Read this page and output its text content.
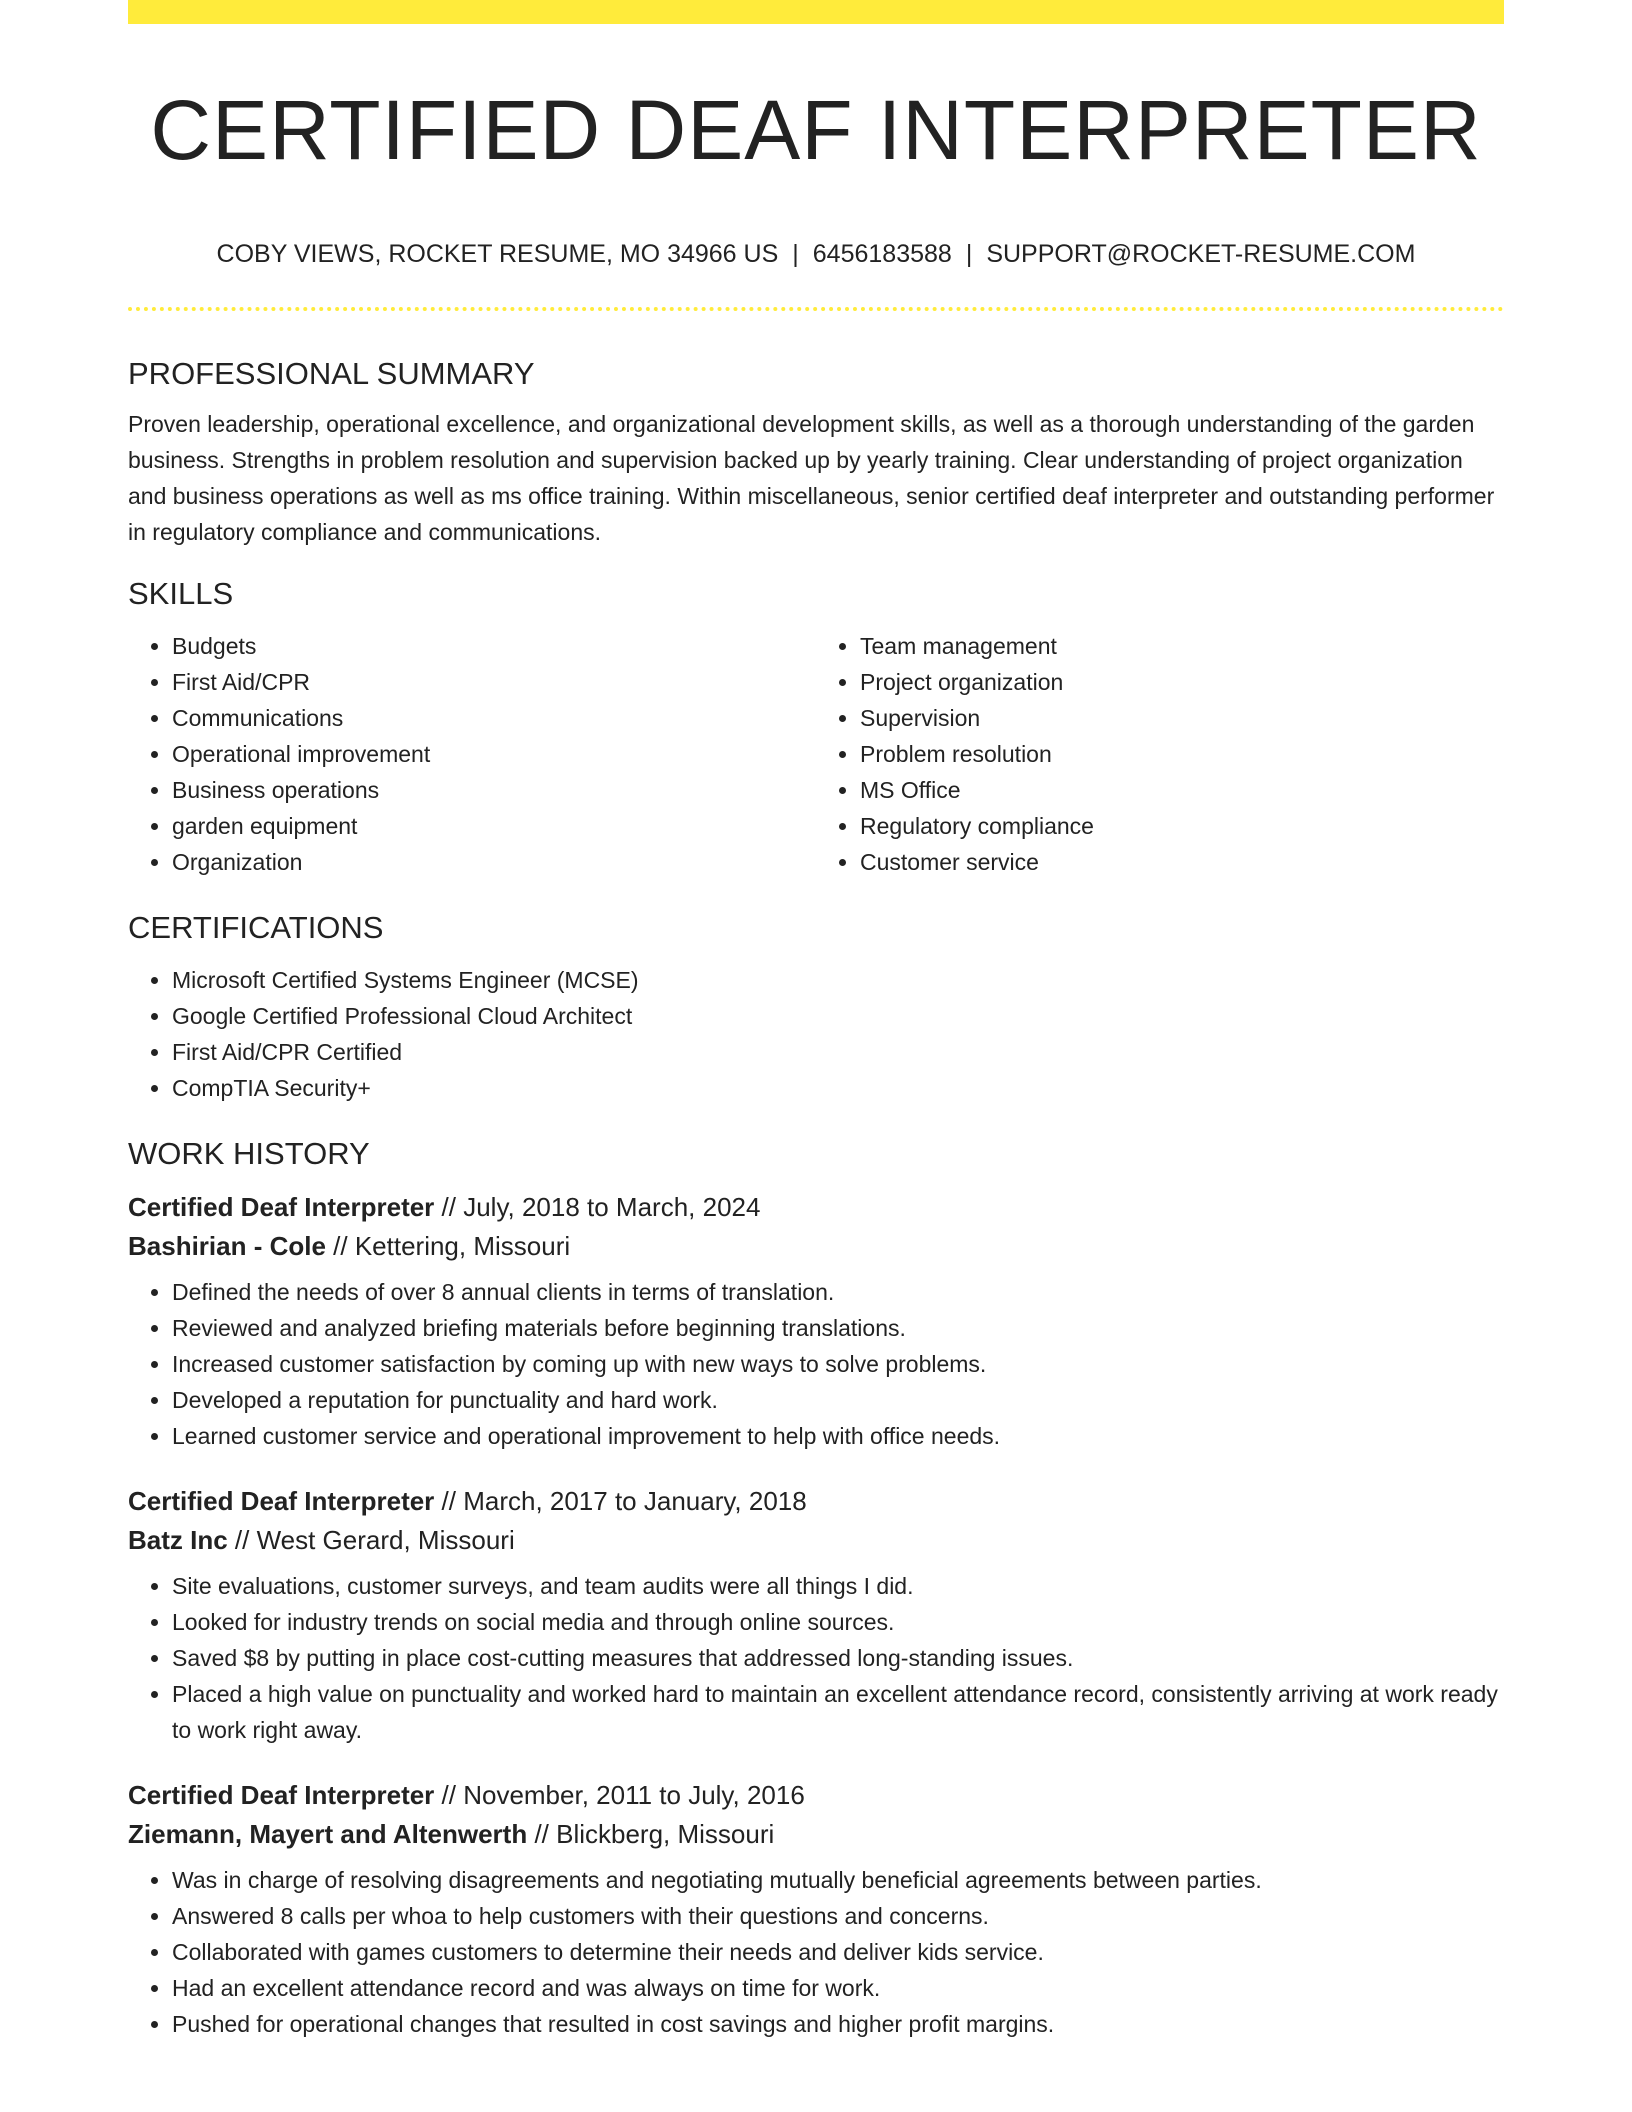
CERTIFIED DEAF INTERPRETER
COBY VIEWS, ROCKET RESUME, MO 34966 US | 6456183588 | SUPPORT@ROCKET-RESUME.COM
PROFESSIONAL SUMMARY

Proven leadership, operational excellence, and organizational development skills, as well as a thorough understanding of the garden business. Strengths in problem resolution and supervision backed up by yearly training. Clear understanding of project organization and business operations as well as ms office training. Within miscellaneous, senior certified deaf interpreter and outstanding performer in regulatory compliance and communications.

SKILLS
• Budgets
• First Aid/CPR
• Communications
• Operational improvement
• Business operations
• garden equipment
• Organization
• Team management
• Project organization
• Supervision
• Problem resolution
• MS Office
• Regulatory compliance
• Customer service
CERTIFICATIONS
• Microsoft Certified Systems Engineer (MCSE)
• Google Certified Professional Cloud Architect
• First Aid/CPR Certified
• CompTIA Security+
WORK HISTORY
Certified Deaf Interpreter // July, 2018 to March, 2024
Bashirian - Cole // Kettering, Missouri
• Defined the needs of over 8 annual clients in terms of translation.
• Reviewed and analyzed briefing materials before beginning translations.
• Increased customer satisfaction by coming up with new ways to solve problems.
• Developed a reputation for punctuality and hard work.
• Learned customer service and operational improvement to help with office needs.
Certified Deaf Interpreter // March, 2017 to January, 2018
Batz Inc // West Gerard, Missouri
• Site evaluations, customer surveys, and team audits were all things I did.
• Looked for industry trends on social media and through online sources.
• Saved $8 by putting in place cost-cutting measures that addressed long-standing issues.
• Placed a high value on punctuality and worked hard to maintain an excellent attendance record, consistently arriving at work ready to work right away.
Certified Deaf Interpreter // November, 2011 to July, 2016
Ziemann, Mayert and Altenwerth // Blickberg, Missouri
• Was in charge of resolving disagreements and negotiating mutually beneficial agreements between parties.
• Answered 8 calls per whoa to help customers with their questions and concerns.
• Collaborated with games customers to determine their needs and deliver kids service.
• Had an excellent attendance record and was always on time for work.
• Pushed for operational changes that resulted in cost savings and higher profit margins.
